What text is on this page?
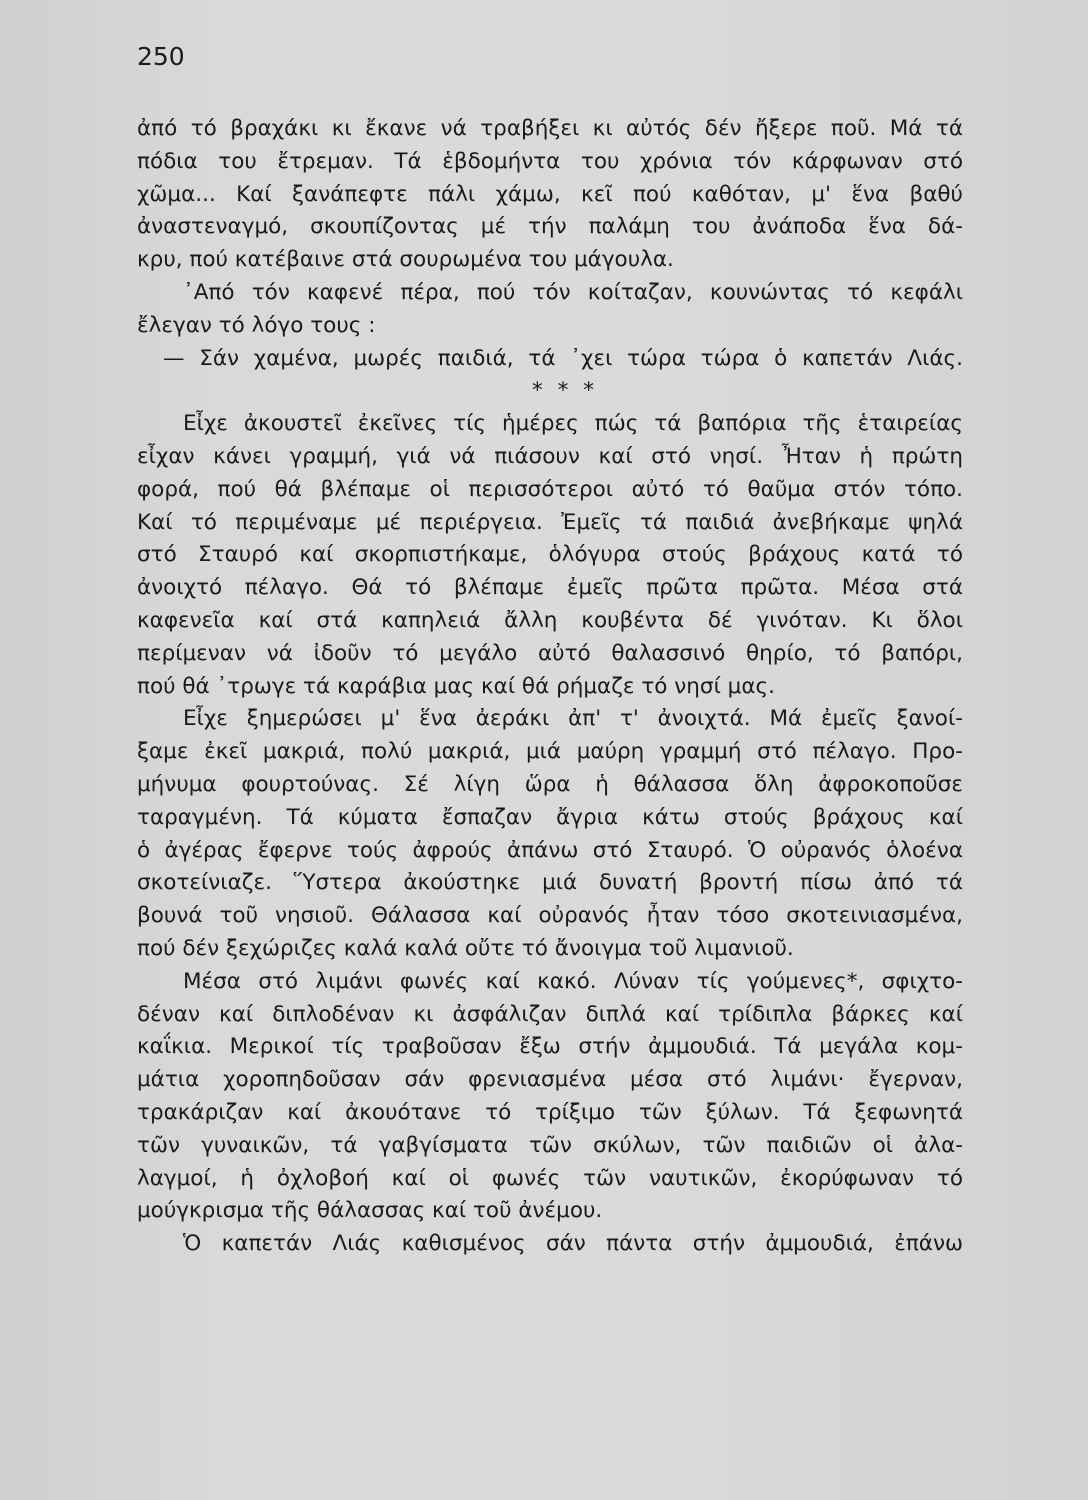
250
ἀπό τό βραχάκι κι ἔκανε νά τραβήξει κι αὐτός δέν ἤξερε ποῦ. Μά τά
πόδια του ἔτρεμαν. Τά ἑβδομήντα του χρόνια τόν κάρφωναν στό
χῶμα... Καί ξανάπεφτε πάλι χάμω, κεῖ πού καθόταν, μ' ἕνα βαθύ
ἀναστεναγμό, σκουπίζοντας μέ τήν παλάμη του ἀνάποδα ἕνα δά-
κρυ, πού κατέβαινε στά σουρωμένα του μάγουλα.
᾿Από τόν καφενέ πέρα, πού τόν κοίταζαν, κουνώντας τό κεφάλι
ἔλεγαν τό λόγο τους :
— Σάν χαμένα, μωρές παιδιά, τά ᾿χει τώρα τώρα ὁ καπετάν Λιάς.
* * *
Εἶχε ἀκουστεῖ ἐκεῖνες τίς ἡμέρες πώς τά βαπόρια τῆς ἑταιρείας
εἶχαν κάνει γραμμή, γιά νά πιάσουν καί στό νησί. Ἦταν ἡ πρώτη
φορά, πού θά βλέπαμε οἱ περισσότεροι αὐτό τό θαῦμα στόν τόπο.
Καί τό περιμέναμε μέ περιέργεια. Ἐμεῖς τά παιδιά ἀνεβήκαμε ψηλά
στό Σταυρό καί σκορπιστήκαμε, ὁλόγυρα στούς βράχους κατά τό
ἀνοιχτό πέλαγο. Θά τό βλέπαμε ἐμεῖς πρῶτα πρῶτα. Μέσα στά
καφενεῖα καί στά καπηλειά ἄλλη κουβέντα δέ γινόταν. Κι ὅλοι
περίμεναν νά ἰδοῦν τό μεγάλο αὐτό θαλασσινό θηρίο, τό βαπόρι,
πού θά ᾿τρωγε τά καράβια μας καί θά ρήμαζε τό νησί μας.
Εἶχε ξημερώσει μ' ἕνα ἀεράκι ἀπ' τ' ἀνοιχτά. Μά ἐμεῖς ξανοί-
ξαμε ἐκεῖ μακριά, πολύ μακριά, μιά μαύρη γραμμή στό πέλαγο. Προ-
μήνυμα φουρτούνας. Σέ λίγη ὥρα ἡ θάλασσα ὅλη ἀφροκοποῦσε
ταραγμένη. Τά κύματα ἔσπαζαν ἄγρια κάτω στούς βράχους καί
ὁ ἀγέρας ἔφερνε τούς ἀφρούς ἀπάνω στό Σταυρό. Ὁ οὐρανός ὁλοένα
σκοτείνιαζε. Ὕστερα ἀκούστηκε μιά δυνατή βροντή πίσω ἀπό τά
βουνά τοῦ νησιοῦ. Θάλασσα καί οὐρανός ἦταν τόσο σκοτεινιασμένα,
πού δέν ξεχώριζες καλά καλά οὔτε τό ἄνοιγμα τοῦ λιμανιοῦ.
Μέσα στό λιμάνι φωνές καί κακό. Λύναν τίς γούμενες*, σφιχτο-
δέναν καί διπλοδέναν κι ἀσφάλιζαν διπλά καί τρίδιπλα βάρκες καί
καΐκια. Μερικοί τίς τραβοῦσαν ἔξω στήν ἀμμουδιά. Τά μεγάλα κομ-
μάτια χοροπηδοῦσαν σάν φρενιασμένα μέσα στό λιμάνι· ἔγερναν,
τρακάριζαν καί ἀκουότανε τό τρίξιμο τῶν ξύλων. Τά ξεφωνητά
τῶν γυναικῶν, τά γαβγίσματα τῶν σκύλων, τῶν παιδιῶν οἱ ἀλα-
λαγμοί, ἡ ὀχλοβοή καί οἱ φωνές τῶν ναυτικῶν, ἐκορύφωναν τό
μούγκρισμα τῆς θάλασσας καί τοῦ ἀνέμου.
Ὁ καπετάν Λιάς καθισμένος σάν πάντα στήν ἀμμουδιά, ἐπάνω
